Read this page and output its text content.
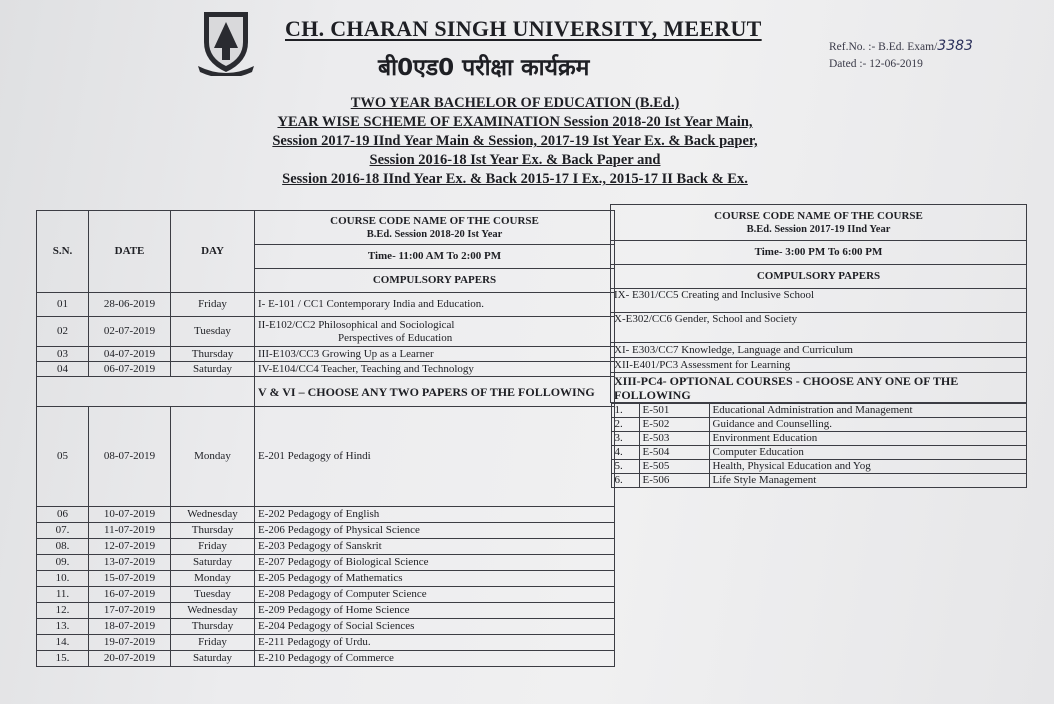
CH. CHARAN SINGH UNIVERSITY, MEERUT
बी0एड0 परीक्षा कार्यक्रम
Ref.No. :- B.Ed. Exam/3383
Dated :- 12-06-2019
TWO YEAR BACHELOR OF EDUCATION (B.Ed.)
YEAR WISE SCHEME OF EXAMINATION Session 2018-20 Ist Year Main,
Session 2017-19 IInd Year Main & Session, 2017-19 Ist Year Ex. & Back paper,
Session 2016-18 Ist Year Ex. & Back Paper and
Session 2016-18 IInd Year Ex. & Back 2015-17 I Ex., 2015-17 II Back & Ex.
S.N.	DATE	DAY	COURSE CODE NAME OF THE COURSE
B.Ed. Session 2018-20 Ist Year

			Time- 11:00 AM To 2:00 PM
			COMPULSORY PAPERS
01	28-06-2019	Friday	I- E-101 / CC1 Contemporary India and Education.
02	02-07-2019	Tuesday	II-E102/CC2 Philosophical and Sociological
Perspectives of Education

03	04-07-2019	Thursday	III-E103/CC3 Growing Up as a Learner
04	06-07-2019	Saturday	IV-E104/CC4 Teacher, Teaching and Technology
			V & VI – CHOOSE ANY TWO PAPERS OF THE FOLLOWING
05	08-07-2019	Monday	E-201 Pedagogy of Hindi
06	10-07-2019	Wednesday	E-202 Pedagogy of English
07.	11-07-2019	Thursday	E-206 Pedagogy of Physical Science
08.	12-07-2019	Friday	E-203 Pedagogy of Sanskrit
09.	13-07-2019	Saturday	E-207 Pedagogy of Biological Science
10.	15-07-2019	Monday	E-205 Pedagogy of Mathematics
11.	16-07-2019	Tuesday	E-208 Pedagogy of Computer Science
12.	17-07-2019	Wednesday	E-209 Pedagogy of Home Science
13.	18-07-2019	Thursday	E-204 Pedagogy of Social Sciences
14.	19-07-2019	Friday	E-211 Pedagogy of Urdu.
15.	20-07-2019	Saturday	E-210 Pedagogy of Commerce
COURSE CODE NAME OF THE COURSE
B.Ed. Session 2017-19 IInd Year

Time- 3:00 PM To 6:00 PM
COMPULSORY PAPERS
IX- E301/CC5 Creating and Inclusive School
X-E302/CC6 Gender, School and Society
XI- E303/CC7 Knowledge, Language and Curriculum
XII-E401/PC3 Assessment for Learning
XIII-PC4- OPTIONAL COURSES - CHOOSE ANY ONE OF THE FOLLOWING

1.	E-501	Educational Administration and Management
2.	E-502	Guidance and Counselling.
3.	E-503	Environment Education
4.	E-504	Computer Education
5.	E-505	Health, Physical Education and Yog
6.	E-506	Life Style Management
